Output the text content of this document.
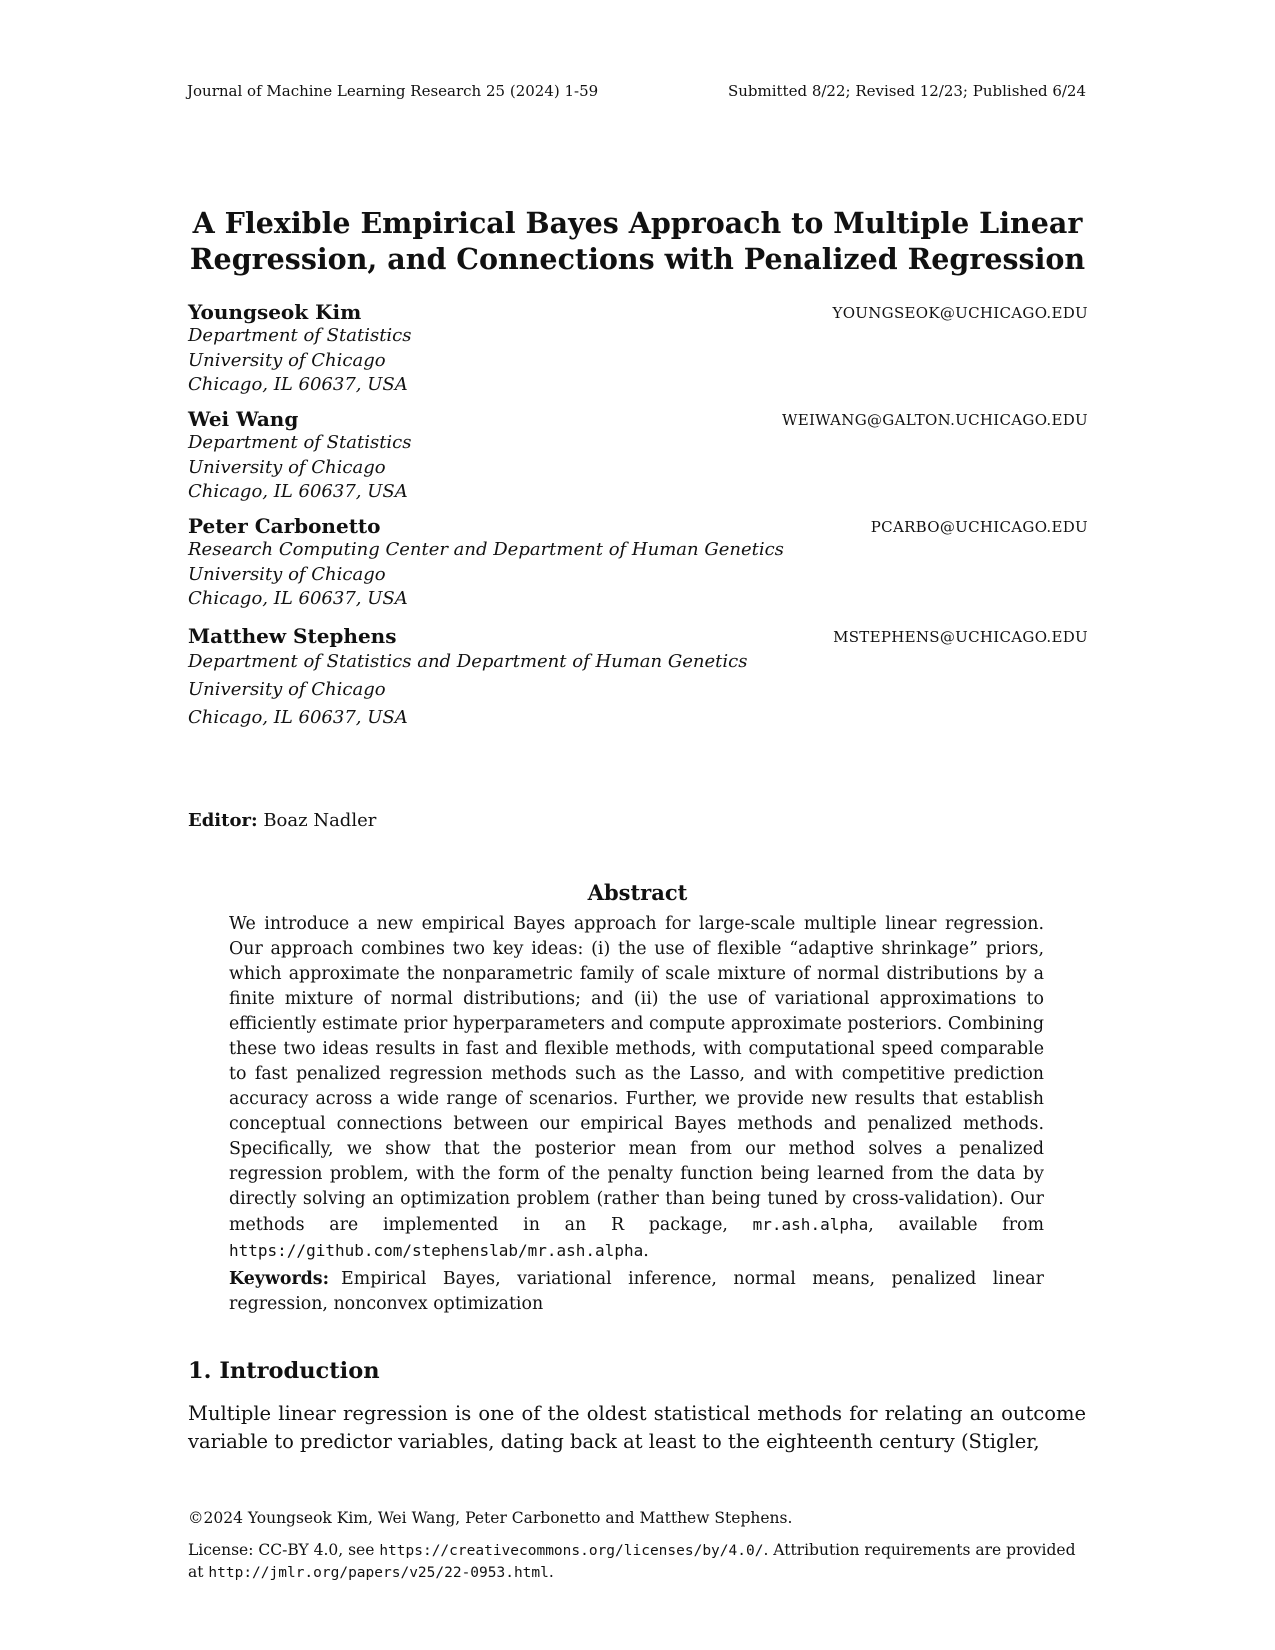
Journal of Machine Learning Research 25 (2024) 1-59	Submitted 8/22; Revised 12/23; Published 6/24
A Flexible Empirical Bayes Approach to Multiple Linear
Regression, and Connections with Penalized Regression
Youngseok Kim	YOUNGSEOK@UCHICAGO.EDU
Department of Statistics
University of Chicago
Chicago, IL 60637, USA
Wei Wang	WEIWANG@GALTON.UCHICAGO.EDU
Department of Statistics
University of Chicago
Chicago, IL 60637, USA
Peter Carbonetto	PCARBO@UCHICAGO.EDU
Research Computing Center and Department of Human Genetics
University of Chicago
Chicago, IL 60637, USA
Matthew Stephens	MSTEPHENS@UCHICAGO.EDU
Department of Statistics and Department of Human Genetics
University of Chicago
Chicago, IL 60637, USA
Editor: Boaz Nadler
Abstract
We introduce a new empirical Bayes approach for large-scale multiple linear regression. Our approach combines two key ideas: (i) the use of flexible “adaptive shrinkage” priors, which approximate the nonparametric family of scale mixture of normal distributions by a finite mixture of normal distributions; and (ii) the use of variational approximations to efficiently estimate prior hyperparameters and compute approximate posteriors. Combining these two ideas results in fast and flexible methods, with computational speed comparable to fast penalized regression methods such as the Lasso, and with competitive prediction accuracy across a wide range of scenarios. Further, we provide new results that establish conceptual connections between our empirical Bayes methods and penalized methods. Specifically, we show that the posterior mean from our method solves a penalized regression problem, with the form of the penalty function being learned from the data by directly solving an optimization problem (rather than being tuned by cross-validation). Our methods are implemented in an R package, mr.ash.alpha, available from https://github.com/stephenslab/mr.ash.alpha.
Keywords: Empirical Bayes, variational inference, normal means, penalized linear regression, nonconvex optimization
1. Introduction
Multiple linear regression is one of the oldest statistical methods for relating an outcome variable to predictor variables, dating back at least to the eighteenth century (Stigler,
©2024 Youngseok Kim, Wei Wang, Peter Carbonetto and Matthew Stephens.
License: CC-BY 4.0, see https://creativecommons.org/licenses/by/4.0/. Attribution requirements are provided at http://jmlr.org/papers/v25/22-0953.html.
